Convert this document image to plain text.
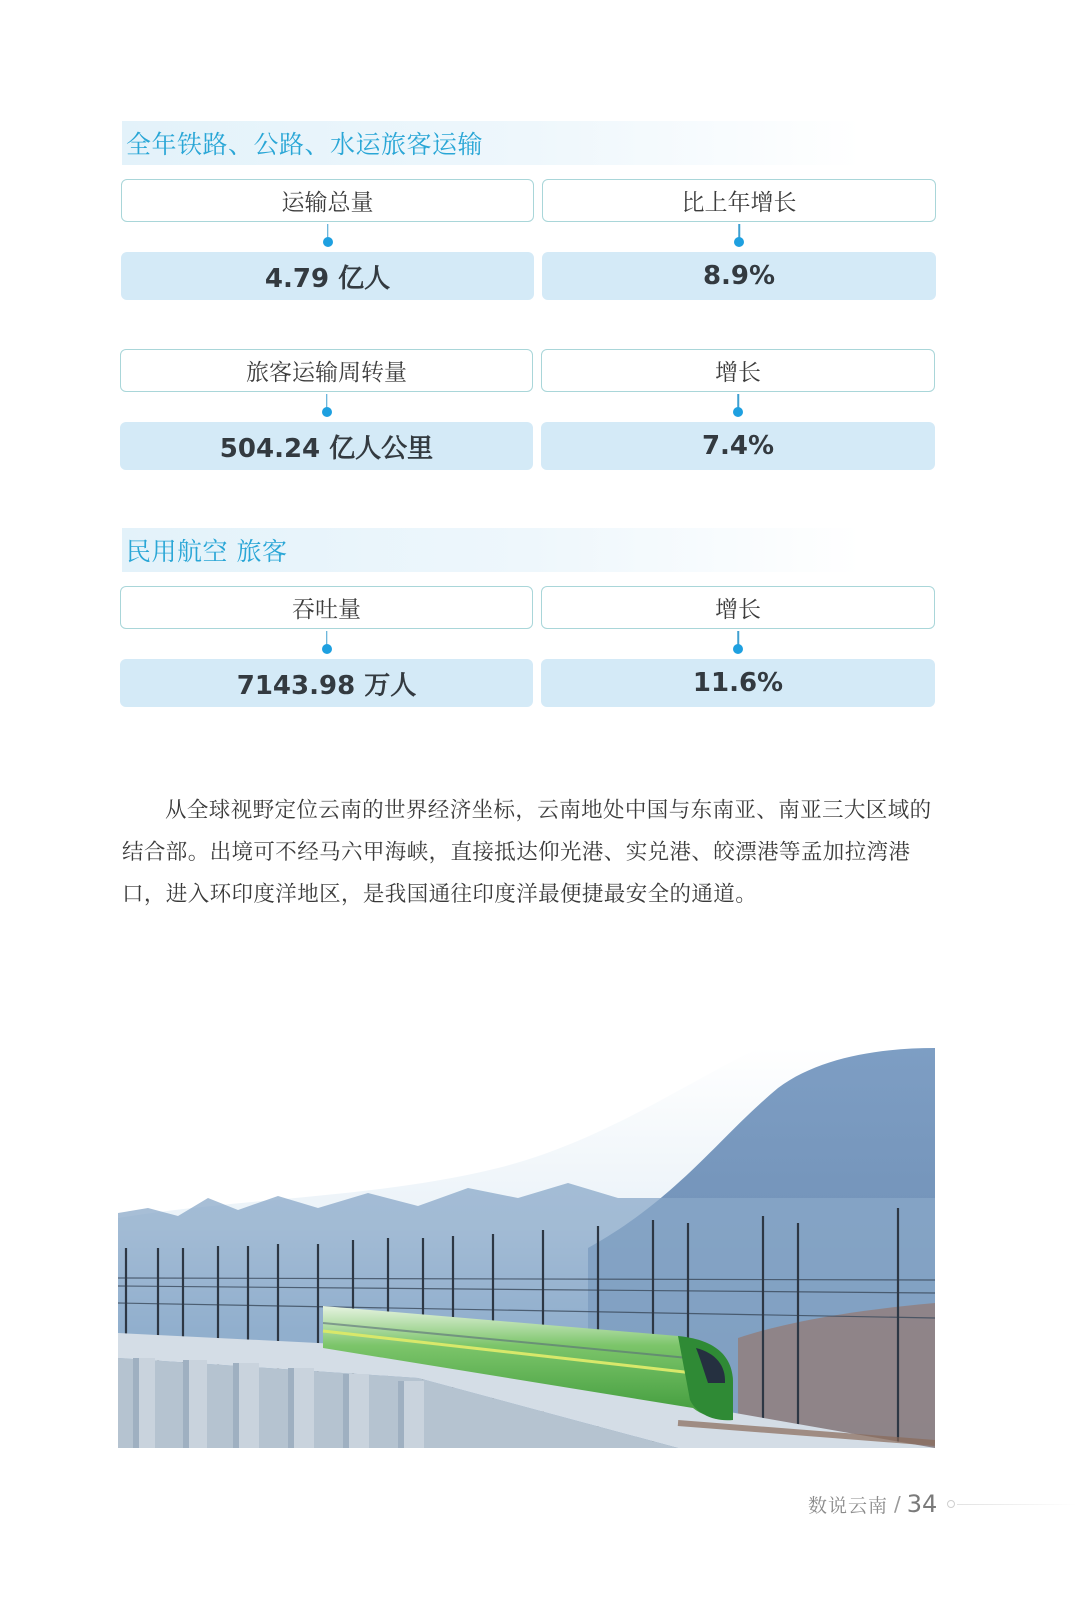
全年铁路、公路、水运旅客运输
运输总量
4.79 亿人
比上年增长
8.9%
旅客运输周转量
504.24 亿人公里
增长
7.4%
民用航空 旅客
吞吐量
7143.98 万人
增长
11.6%

从全球视野定位云南的世界经济坐标，云南地处中国与东南亚、南亚三大区域的结合部。出境可不经马六甲海峡，直接抵达仰光港、实兑港、皎漂港等孟加拉湾港口，进入环印度洋地区，是我国通往印度洋最便捷最安全的通道。

数说云南 / 34
